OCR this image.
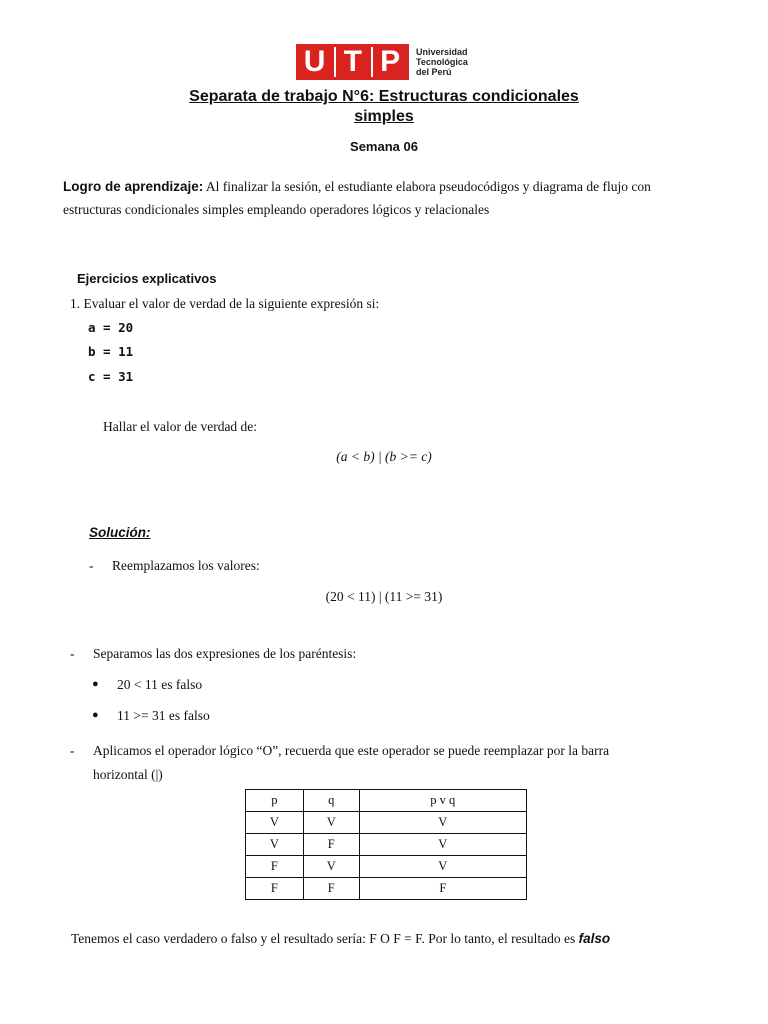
U T P Universidad
Tecnológica
del Perú
Separata de trabajo N°6: Estructuras condicionales
simples
Semana 06
Logro de aprendizaje: Al finalizar la sesión, el estudiante elabora pseudocódigos y diagrama de flujo con
estructuras condicionales simples empleando operadores lógicos y relacionales
Ejercicios explicativos
1. Evaluar el valor de verdad de la siguiente expresión si:
a = 20
b = 11
c = 31
Hallar el valor de verdad de:
(a < b) | (b >= c)
Solución:
- Reemplazamos los valores:
(20 < 11) | (11 >= 31)
- Separamos las dos expresiones de los paréntesis:
● 20 < 11 es falso
● 11 >= 31 es falso
- Aplicamos el operador lógico “O”, recuerda que este operador se puede reemplazar por la barra
horizontal (|)
p	q	p v q
V	V	V
V	F	V
F	V	V
F	F	F
Tenemos el caso verdadero o falso y el resultado sería: F O F = F. Por lo tanto, el resultado es falso
